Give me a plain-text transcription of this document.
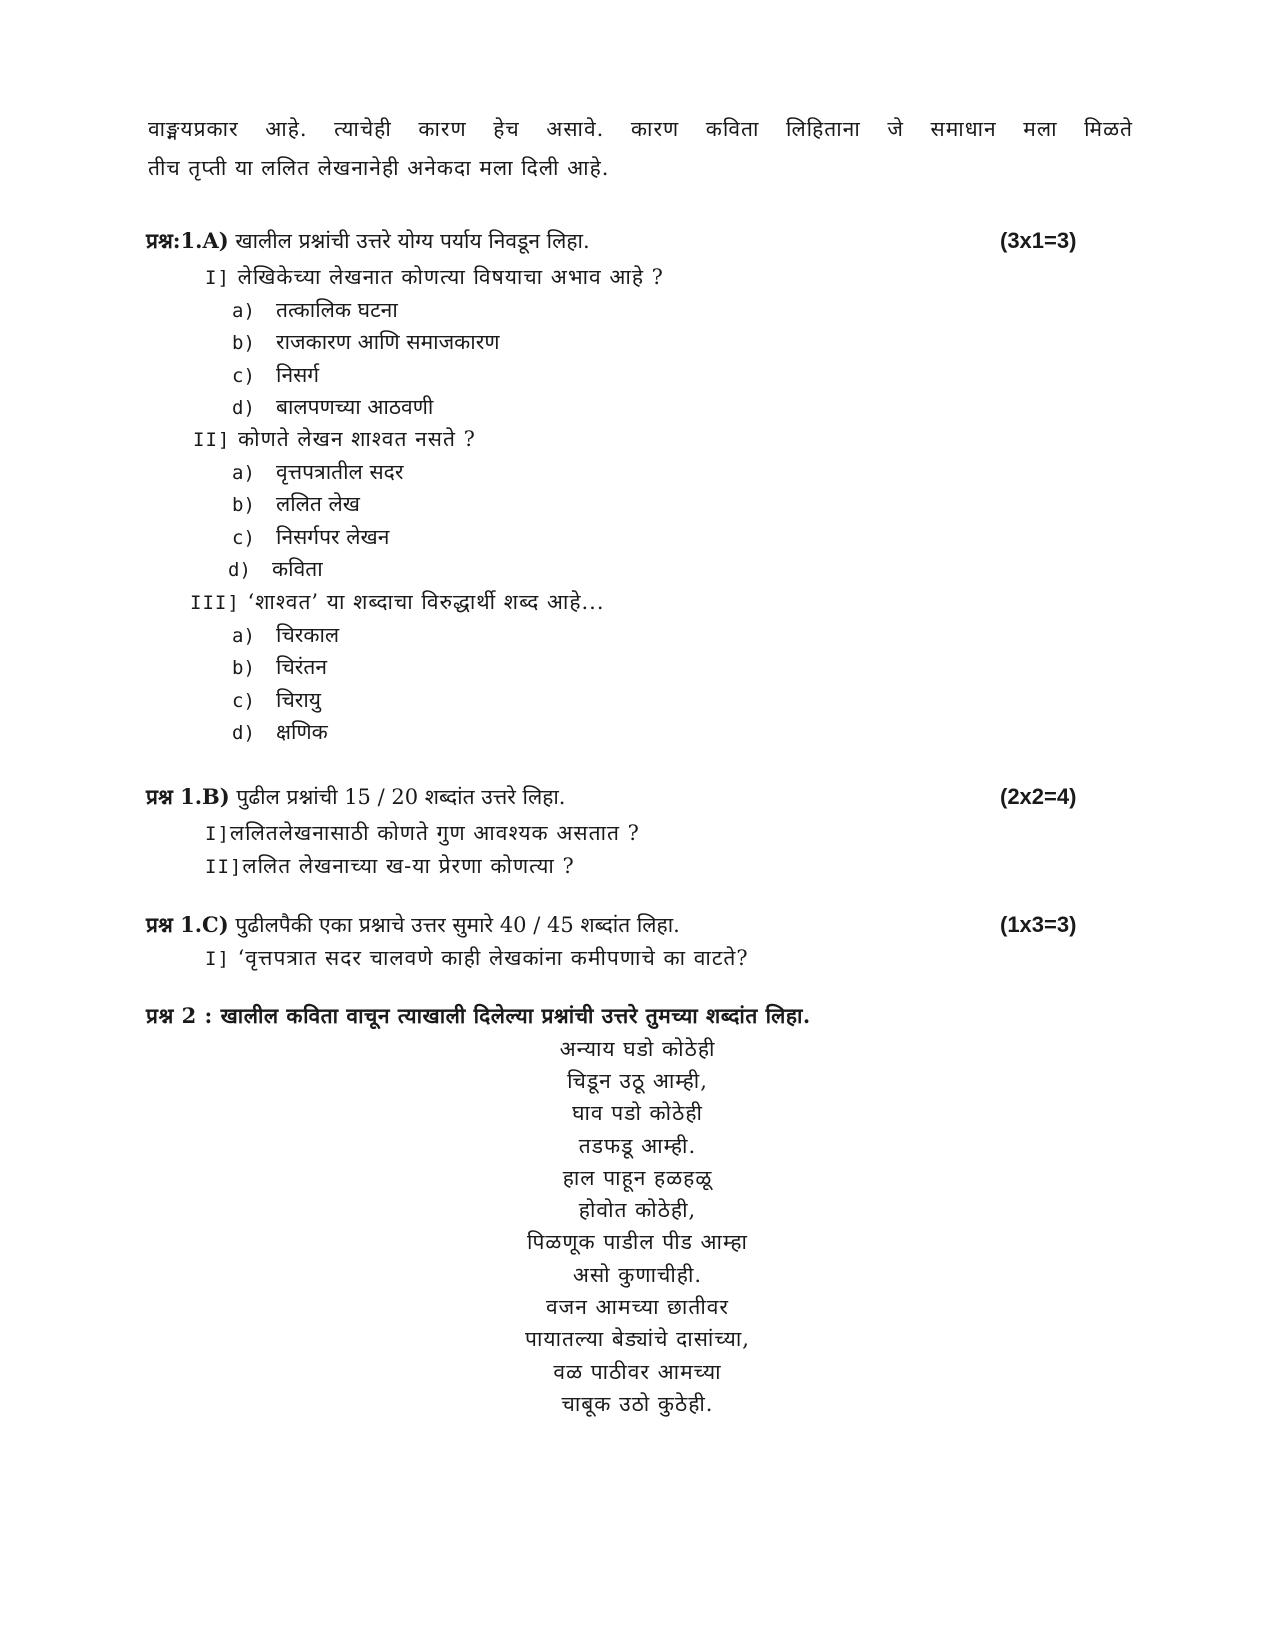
वाङ्मयप्रकार आहे. त्याचेही कारण हेच असावे. कारण कविता लिहिताना जे समाधान मला मिळते
तीच तृप्ती या ललित लेखनानेही अनेकदा मला दिली आहे.
प्रश्न:1.A) खालील प्रश्नांची उत्तरे योग्य पर्याय निवडून लिहा.	(3x1=3)
I] लेखिकेच्या लेखनात कोणत्या विषयाचा अभाव आहे ?
a) तत्कालिक घटना
b) राजकारण आणि समाजकारण
c) निसर्ग
d) बालपणच्या आठवणी
II] कोणते लेखन शाश्वत नसते ?
a) वृत्तपत्रातील सदर
b) ललित लेख
c) निसर्गपर लेखन
d) कविता
III] ‘शाश्वत’ या शब्दाचा विरुद्धार्थी शब्द आहे...
a) चिरकाल
b) चिरंतन
c) चिरायु
d) क्षणिक
प्रश्न 1.B) पुढील प्रश्नांची 15 / 20 शब्दांत उत्तरे लिहा.	(2x2=4)
I]ललितलेखनासाठी कोणते गुण आवश्यक असतात ?
II]ललित लेखनाच्या ख-या प्रेरणा कोणत्या ?
प्रश्न 1.C) पुढीलपैकी एका प्रश्नाचे उत्तर सुमारे 40 / 45 शब्दांत लिहा.	(1x3=3)
I] ‘वृत्तपत्रात सदर चालवणे काही लेखकांना कमीपणाचे का वाटते?
प्रश्न 2 : खालील कविता वाचून त्याखाली दिलेल्या प्रश्नांची उत्तरे तुमच्या शब्दांत लिहा.
अन्याय घडो कोठेही
चिडून उठू आम्ही,
घाव पडो कोठेही
तडफडू आम्ही.
हाल पाहून हळहळू
होवोत कोठेही,
पिळणूक पाडील पीड आम्हा
असो कुणाचीही.
वजन आमच्या छातीवर
पायातल्या बेड्यांचे दासांच्या,
वळ पाठीवर आमच्या
चाबूक उठो कुठेही.
